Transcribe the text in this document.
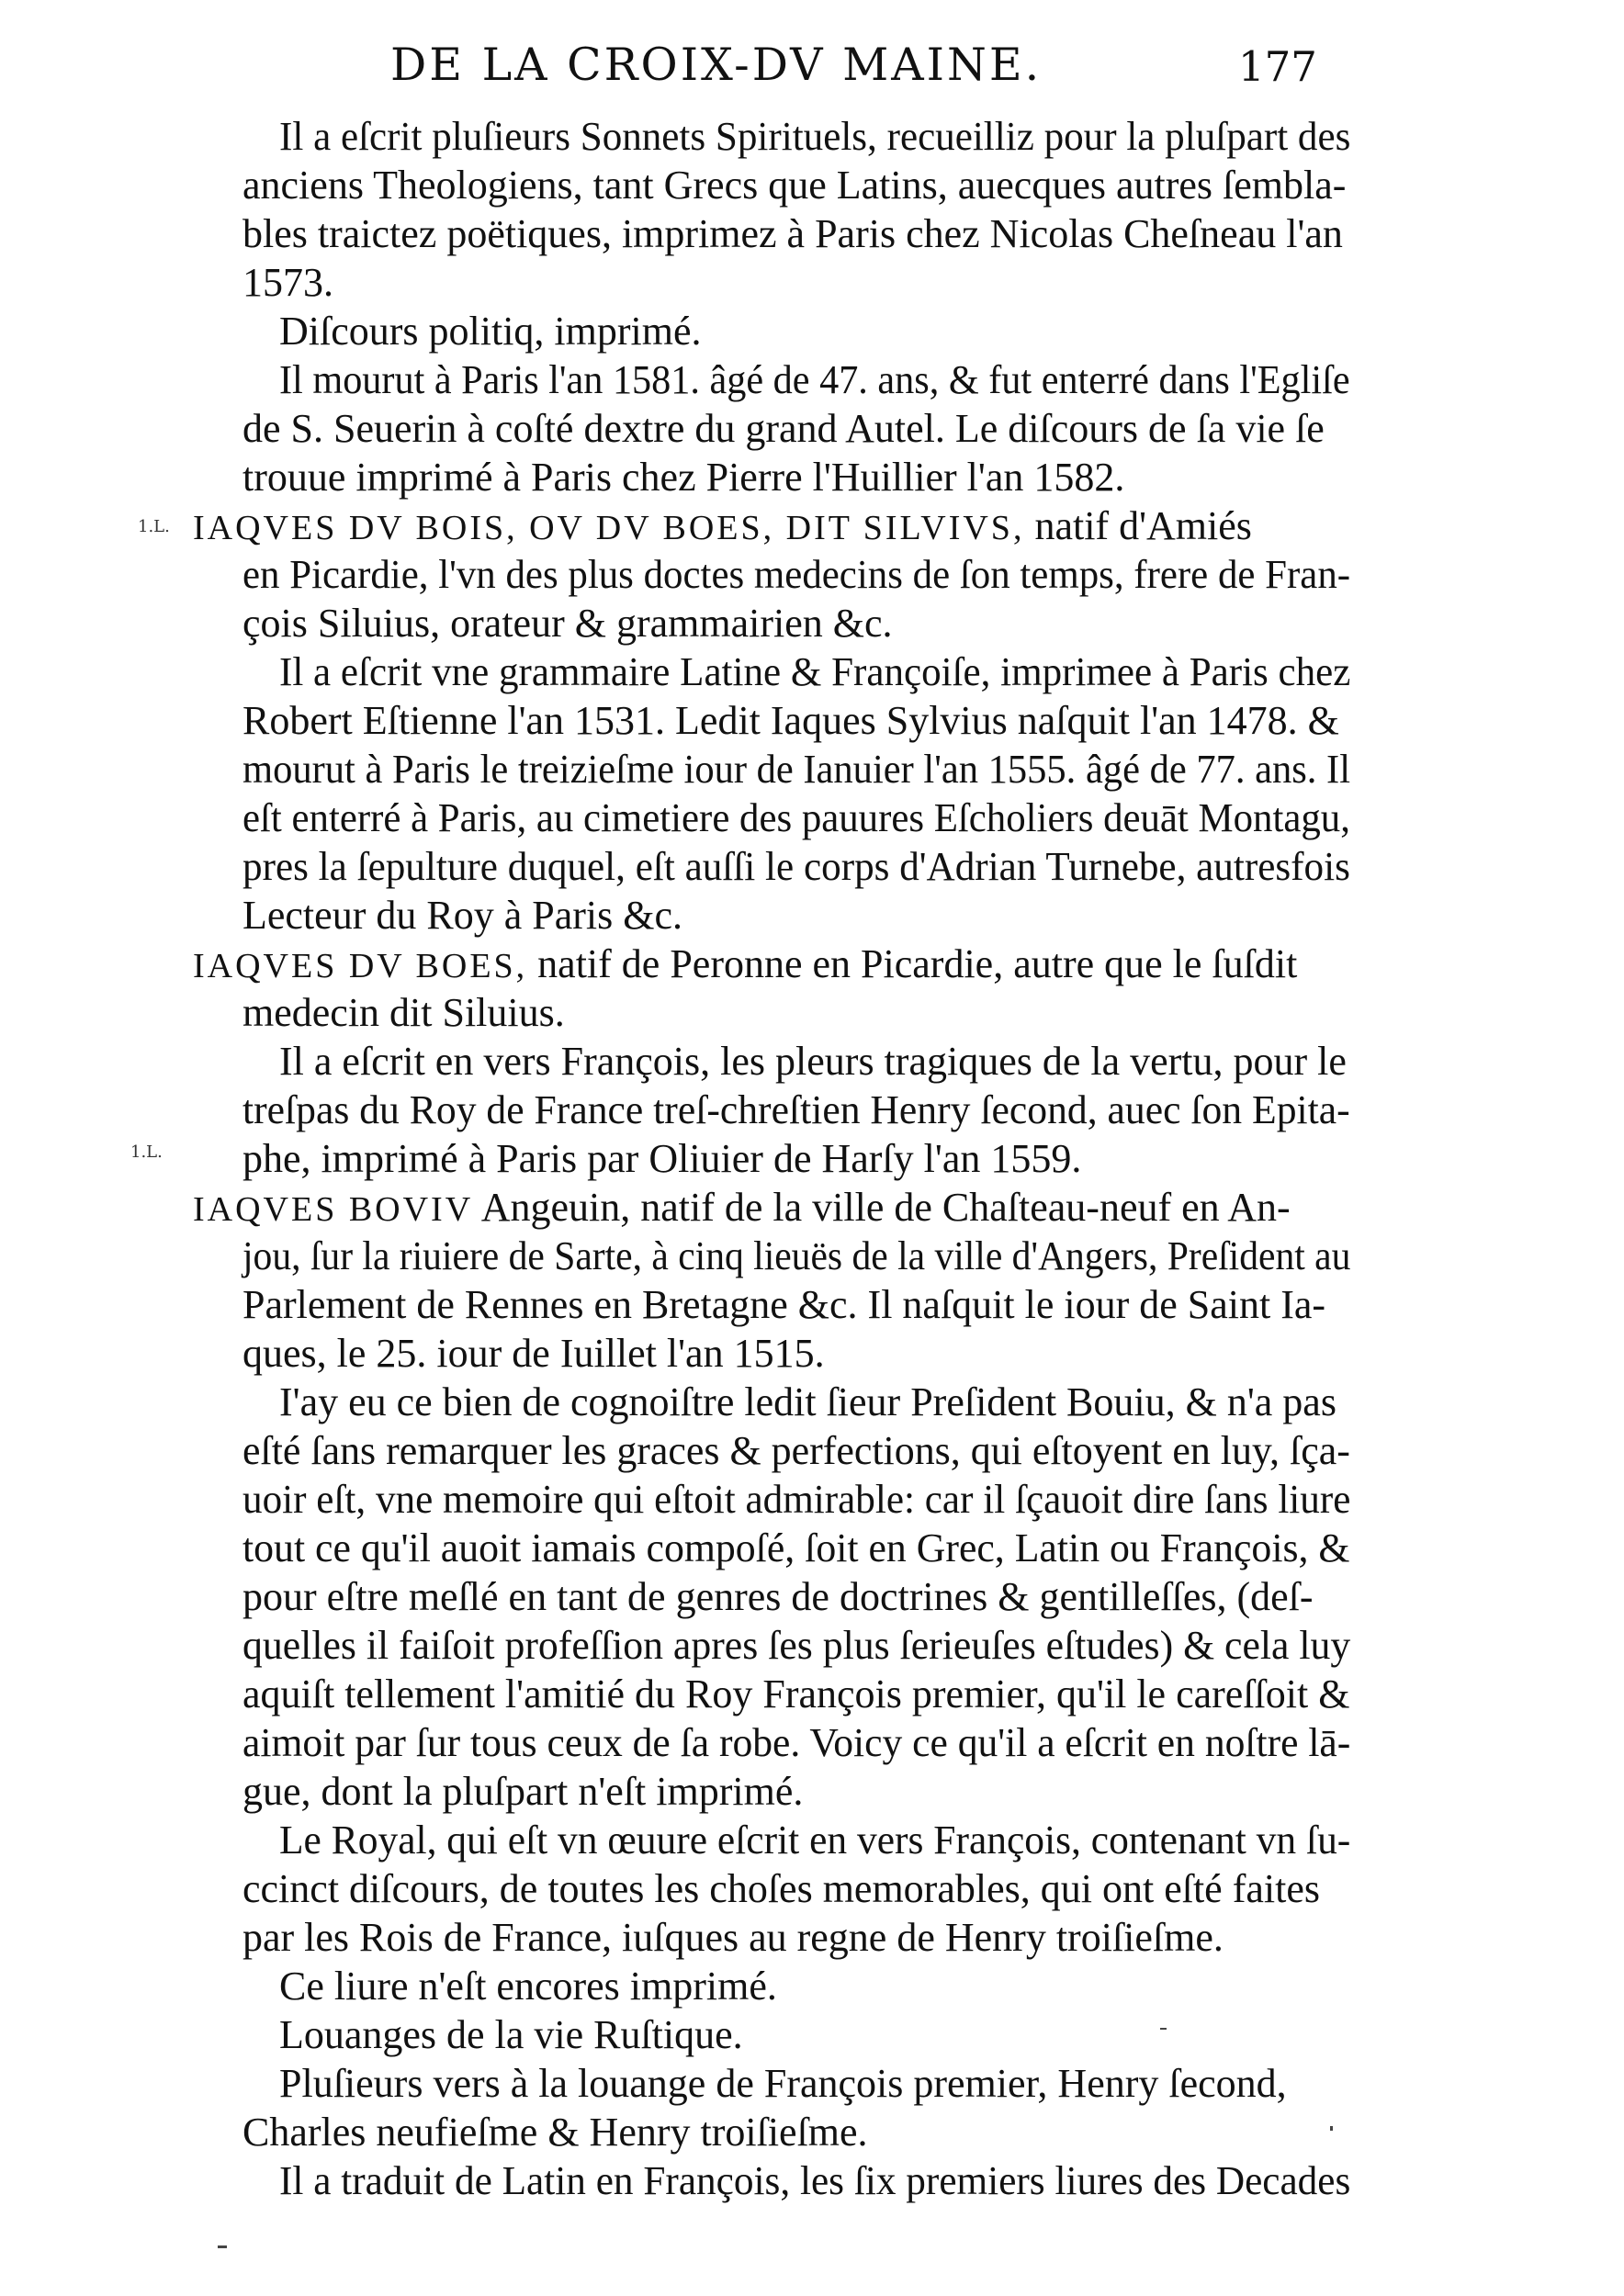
DE LA CROIX-DV MAINE.	177
1.L.
1.L.
Il a eſcrit pluſieurs Sonnets Spirituels, recueilliz pour la pluſpart des
anciens Theologiens, tant Grecs que Latins, auecques autres ſembla-
bles traictez poëtiques, imprimez à Paris chez Nicolas Cheſneau l'an
1573.
Diſcours politiq, imprimé.
Il mourut à Paris l'an 1581. âgé de 47. ans, & fut enterré dans l'Egliſe
de S. Seuerin à coſté dextre du grand Autel. Le diſcours de ſa vie ſe
trouue imprimé à Paris chez Pierre l'Huillier l'an 1582.
IAQVES DV BOIS, OV DV BOES, DIT SILVIVS, natif d'Amiés
en Picardie, l'vn des plus doctes medecins de ſon temps, frere de Fran-
çois Siluius, orateur & grammairien &c.
Il a eſcrit vne grammaire Latine & Françoiſe, imprimee à Paris chez
Robert Eſtienne l'an 1531. Ledit Iaques Sylvius naſquit l'an 1478. &
mourut à Paris le treizieſme iour de Ianuier l'an 1555. âgé de 77. ans. Il
eſt enterré à Paris, au cimetiere des pauures Eſcholiers deuāt Montagu,
pres la ſepulture duquel, eſt auſſi le corps d'Adrian Turnebe, autresfois
Lecteur du Roy à Paris &c.
IAQVES DV BOES, natif de Peronne en Picardie, autre que le ſuſdit
medecin dit Siluius.
Il a eſcrit en vers François, les pleurs tragiques de la vertu, pour le
treſpas du Roy de France treſ-chreſtien Henry ſecond, auec ſon Epita-
phe, imprimé à Paris par Oliuier de Harſy l'an 1559.
IAQVES BOVIV Angeuin, natif de la ville de Chaſteau-neuf en An-
jou, ſur la riuiere de Sarte, à cinq lieuës de la ville d'Angers, Preſident au
Parlement de Rennes en Bretagne &c. Il naſquit le iour de Saint Ia-
ques, le 25. iour de Iuillet l'an 1515.
I'ay eu ce bien de cognoiſtre ledit ſieur Preſident Bouiu, & n'a pas
eſté ſans remarquer les graces & perfections, qui eſtoyent en luy, ſça-
uoir eſt, vne memoire qui eſtoit admirable: car il ſçauoit dire ſans liure
tout ce qu'il auoit iamais compoſé, ſoit en Grec, Latin ou François, &
pour eſtre meſlé en tant de genres de doctrines & gentilleſſes, (deſ-
quelles il faiſoit profeſſion apres ſes plus ſerieuſes eſtudes) & cela luy
aquiſt tellement l'amitié du Roy François premier, qu'il le careſſoit &
aimoit par ſur tous ceux de ſa robe. Voicy ce qu'il a eſcrit en noſtre lā-
gue, dont la pluſpart n'eſt imprimé.
Le Royal, qui eſt vn œuure eſcrit en vers François, contenant vn ſu-
ccinct diſcours, de toutes les choſes memorables, qui ont eſté faites
par les Rois de France, iuſques au regne de Henry troiſieſme.
Ce liure n'eſt encores imprimé.
Louanges de la vie Ruſtique.
Pluſieurs vers à la louange de François premier, Henry ſecond,
Charles neufieſme & Henry troiſieſme.
Il a traduit de Latin en François, les ſix premiers liures des Decades
